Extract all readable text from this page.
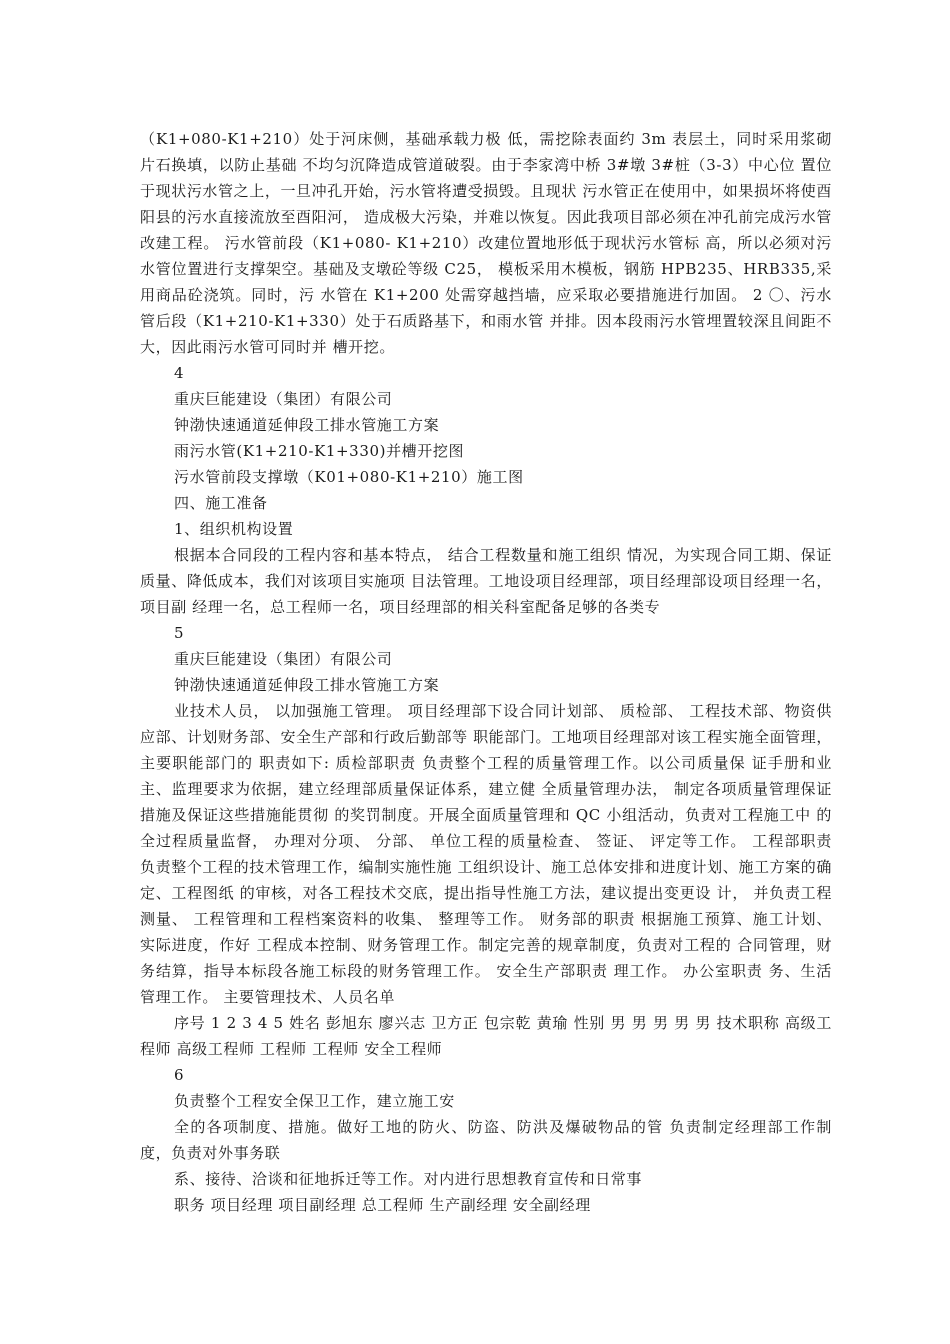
（K1+080-K1+210）处于河床侧，基础承载力极 低，需挖除表面约 3m 表层土，同时采用浆砌片石换填，以防止基础 不均匀沉降造成管道破裂。由于李家湾中桥 3#墩 3#桩（3-3）中心位 置位于现状污水管之上，一旦冲孔开始，污水管将遭受损毁。且现状 污水管正在使用中，如果损坏将使酉阳县的污水直接流放至酉阳河， 造成极大污染，并难以恢复。因此我项目部必须在冲孔前完成污水管 改建工程。 污水管前段（K1+080- K1+210）改建位置地形低于现状污水管标 高，所以必须对污水管位置进行支撑架空。基础及支墩砼等级 C25， 模板采用木模板，钢筋 HPB235、HRB335,采用商品砼浇筑。同时，污 水管在 K1+200 处需穿越挡墙，应采取必要措施进行加固。 2 〇、污水管后段（K1+210-K1+330）处于石质路基下，和雨水管 并排。因本段雨污水管埋置较深且间距不大，因此雨污水管可同时并 槽开挖。

4

重庆巨能建设（集团）有限公司

钟渤快速通道延伸段工排水管施工方案

雨污水管(K1+210-K1+330)并槽开挖图

污水管前段支撑墩（K01+080-K1+210）施工图

四、施工准备

1、组织机构设置

根据本合同段的工程内容和基本特点， 结合工程数量和施工组织 情况，为实现合同工期、保证质量、降低成本，我们对该项目实施项 目法管理。工地设项目经理部，项目经理部设项目经理一名，项目副 经理一名，总工程师一名，项目经理部的相关科室配备足够的各类专

5

重庆巨能建设（集团）有限公司

钟渤快速通道延伸段工排水管施工方案

业技术人员， 以加强施工管理。 项目经理部下设合同计划部、 质检部、 工程技术部、物资供应部、计划财务部、安全生产部和行政后勤部等 职能部门。工地项目经理部对该工程实施全面管理，主要职能部门的 职责如下: 质检部职责 负责整个工程的质量管理工作。以公司质量保 证手册和业主、监理要求为依据，建立经理部质量保证体系，建立健 全质量管理办法， 制定各项质量管理保证措施及保证这些措施能贯彻 的奖罚制度。开展全面质量管理和 QC 小组活动，负责对工程施工中 的全过程质量监督， 办理对分项、 分部、 单位工程的质量检查、 签证、 评定等工作。 工程部职责 负责整个工程的技术管理工作，编制实施性施 工组织设计、施工总体安排和进度计划、施工方案的确定、工程图纸 的审核，对各工程技术交底，提出指导性施工方法，建议提出变更设 计， 并负责工程测量、 工程管理和工程档案资料的收集、 整理等工作。 财务部的职责 根据施工预算、施工计划、实际进度，作好 工程成本控制、财务管理工作。制定完善的规章制度，负责对工程的 合同管理，财务结算，指导本标段各施工标段的财务管理工作。 安全生产部职责 理工作。 办公室职责 务、生活管理工作。 主要管理技术、人员名单

序号 1 2 3 4 5 姓名 彭旭东 廖兴志 卫方正 包宗乾 黄瑜 性别 男 男 男 男 男 技术职称 高级工程师 高级工程师 工程师 工程师 安全工程师

6

负责整个工程安全保卫工作，建立施工安

全的各项制度、措施。做好工地的防火、防盗、防洪及爆破物品的管 负责制定经理部工作制度，负责对外事务联

系、接待、洽谈和征地拆迁等工作。对内进行思想教育宣传和日常事

职务 项目经理 项目副经理 总工程师 生产副经理 安全副经理
